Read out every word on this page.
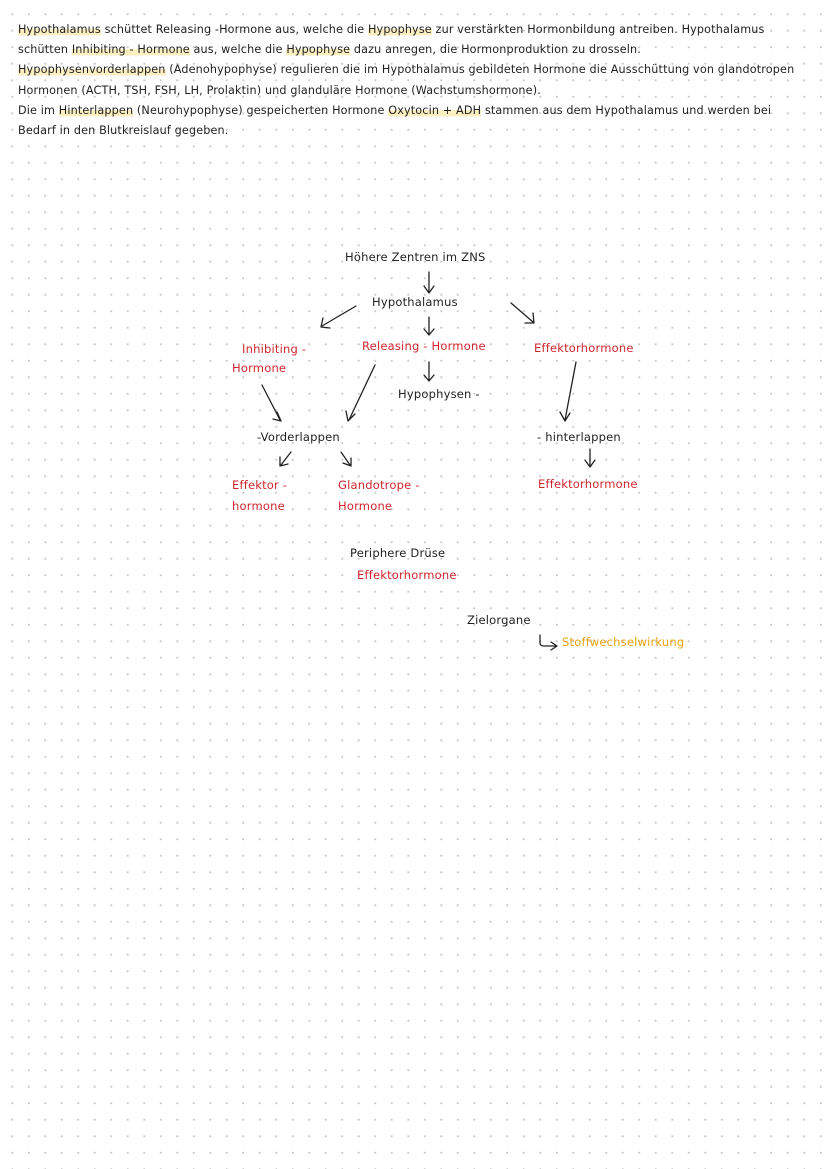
Hypothalamus schüttet Releasing -Hormone aus, welche die Hypophyse zur verstärkten Hormonbildung antreiben. Hypothalamus schütten Inhibiting - Hormone aus, welche die Hypophyse dazu anregen, die Hormonproduktion zu drosseln.

Hypophysenvorderlappen (Adenohypophyse) regulieren die im Hypothalamus gebildeten Hormone die Ausschüttung von glandotropen Hormonen (ACTH, TSH, FSH, LH, Prolaktin) und glanduläre Hormone (Wachstumshormone).

Die im Hinterlappen (Neurohypophyse) gespeicherten Hormone Oxytocin + ADH stammen aus dem Hypothalamus und werden bei Bedarf in den Blutkreislauf gegeben.

Höhere Zentren im ZNS
Hypothalamus
Inhibiting -
Hormone
Releasing - Hormone	Effektorhormone
Hypophysen -
-Vorderlappen	- hinterlappen
Effektor -
hormone
Glandotrope -
Hormone
Effektorhormone
Periphere Drüse
Effektorhormone
Zielorgane
Stoffwechselwirkung
